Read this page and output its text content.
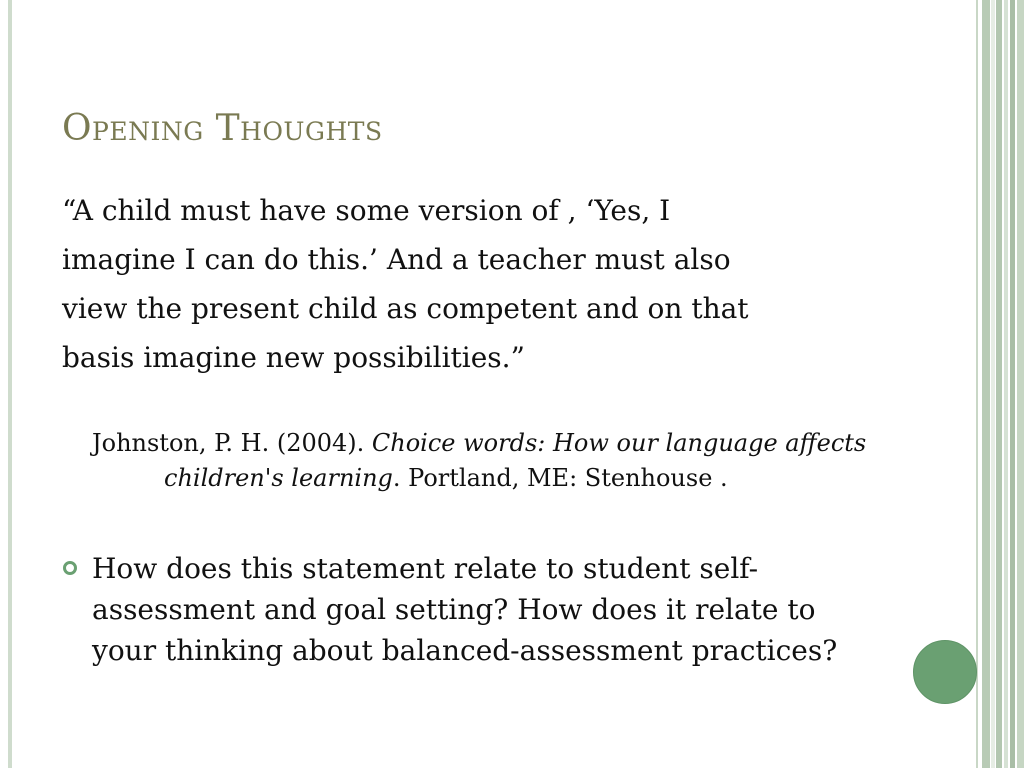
Opening Thoughts
“A child must have some version of , ‘Yes, I
imagine I can do this.’ And a teacher must also
view the present child as competent and on that
basis imagine new possibilities.”
Johnston, P. H. (2004). Choice words: How our language affects
children's learning. Portland, ME: Stenhouse .
How does this statement relate to student self-
assessment and goal setting? How does it relate to
your thinking about balanced-assessment practices?
